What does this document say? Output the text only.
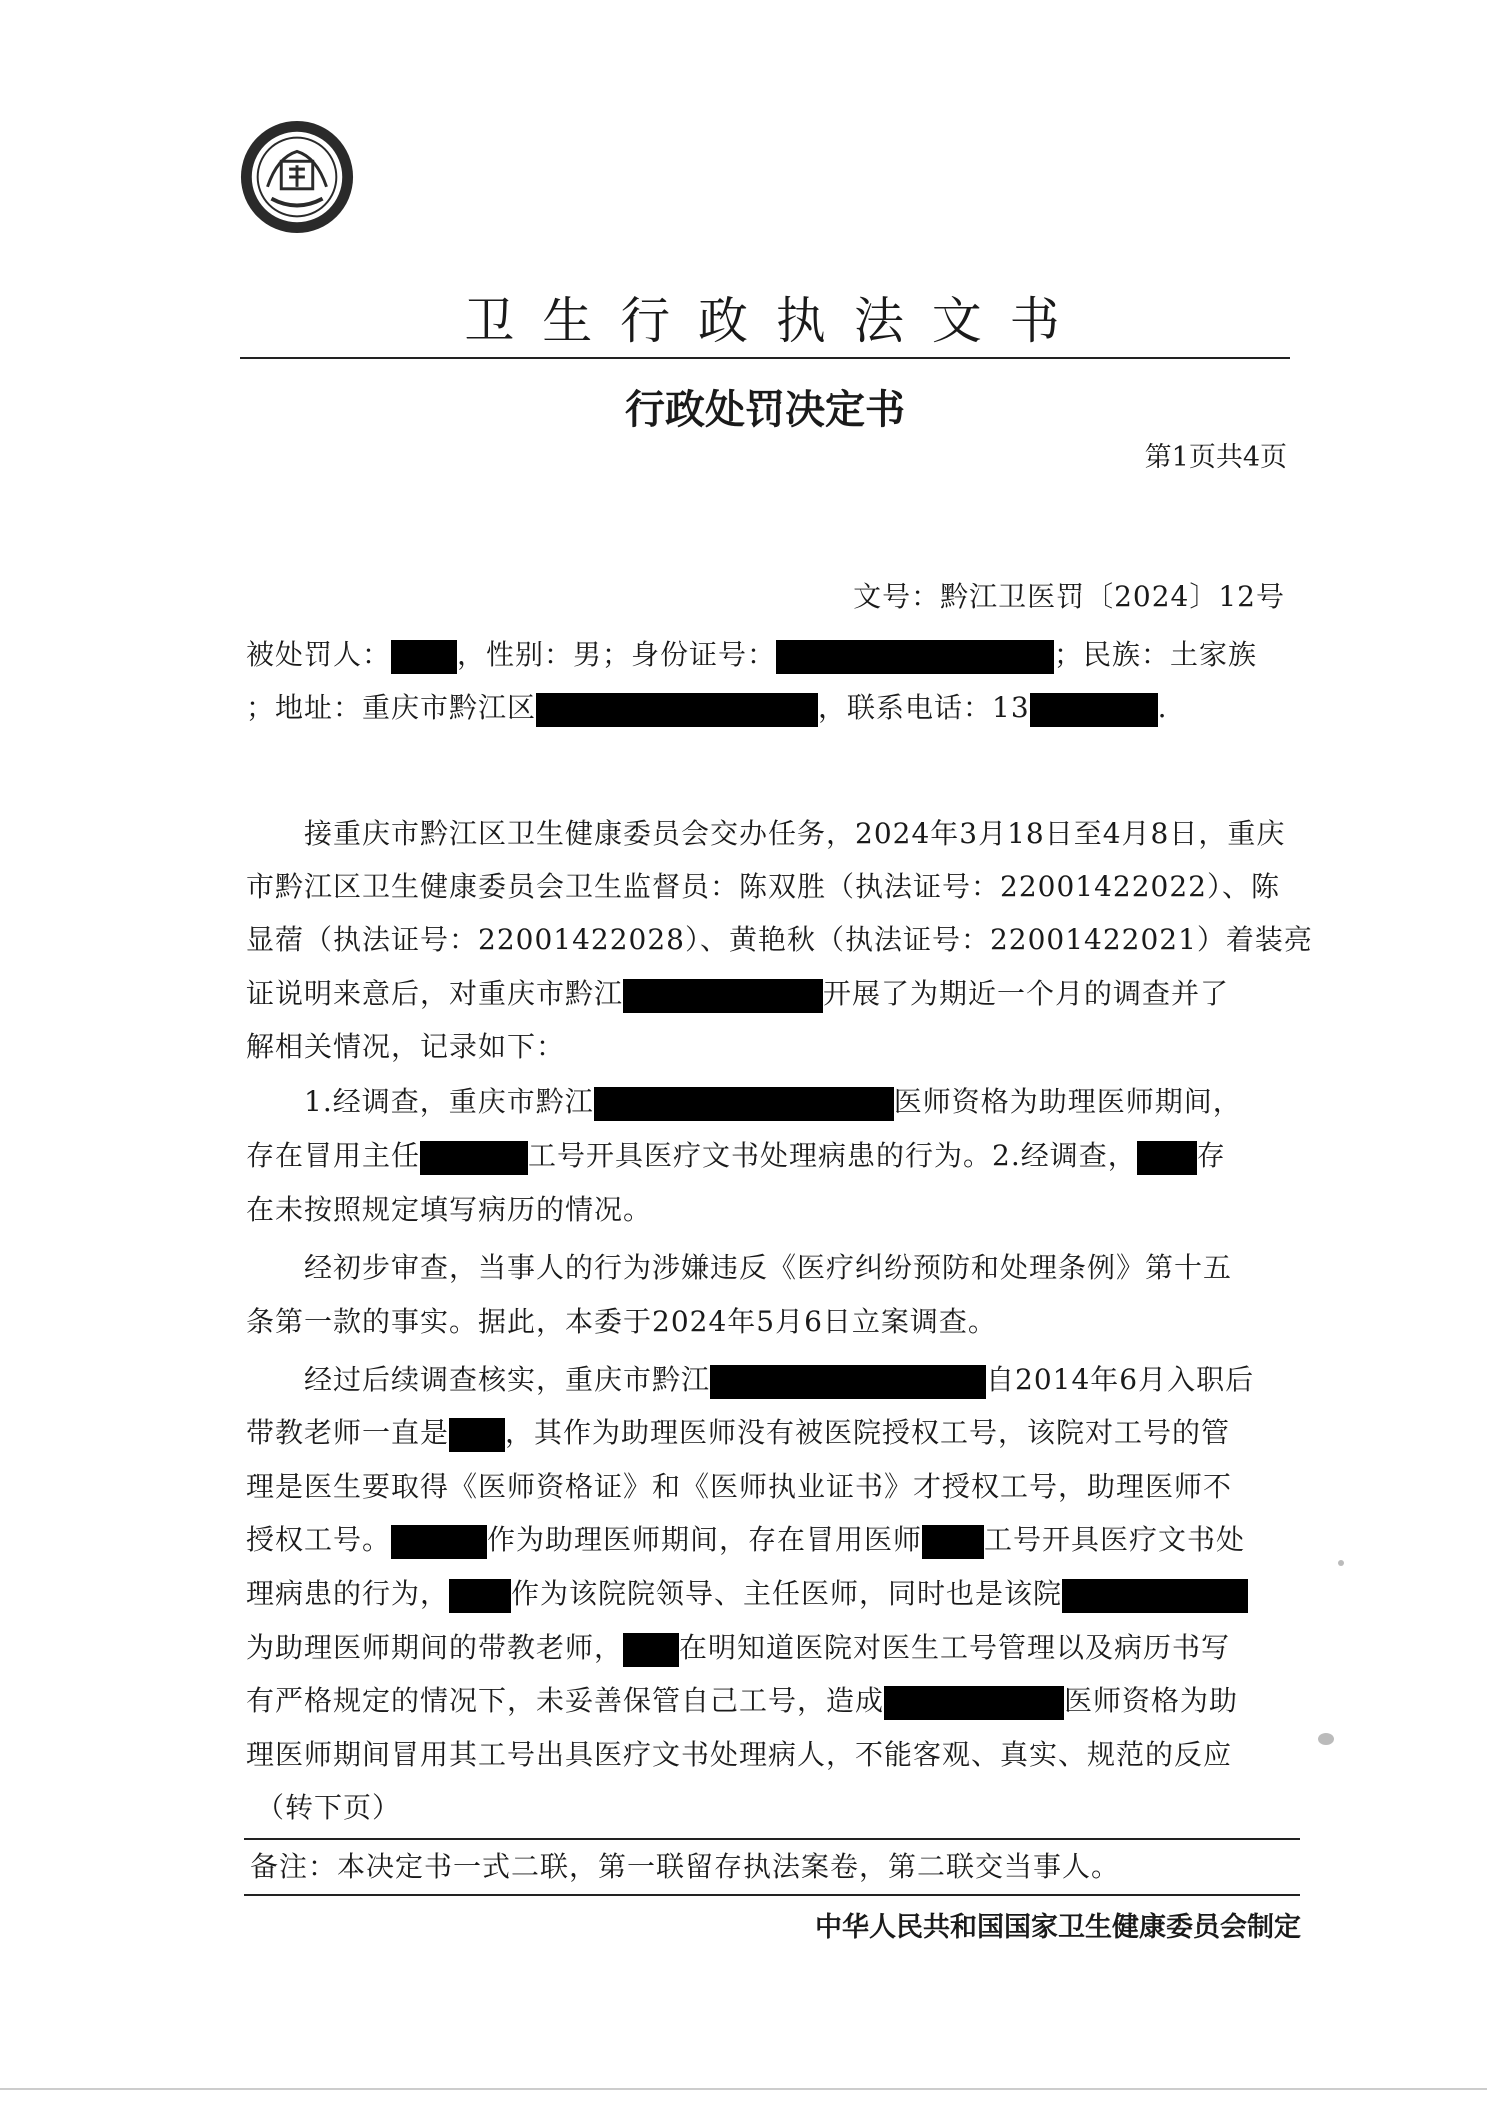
卫 生 行 政 执 法 文 书
行政处罚决定书
第1页共4页
文号：黔江卫医罚〔2024〕12号
被处罚人： ，性别：男；身份证号：	；民族：土家族
；地址：重庆市黔江区	，联系电话：13	.
接重庆市黔江区卫生健康委员会交办任务，2024年3月18日至4月8日，重庆
市黔江区卫生健康委员会卫生监督员：陈双胜（执法证号：22001422022）、陈
显蓿（执法证号：22001422028）、黄艳秋（执法证号：22001422021）着装亮
证说明来意后，对重庆市黔江	开展了为期近一个月的调查并了
解相关情况，记录如下：
1.经调查，重庆市黔江	医师资格为助理医师期间，
存在冒用主任	工号开具医疗文书处理病患的行为。2.经调查， 存
在未按照规定填写病历的情况。
经初步审查，当事人的行为涉嫌违反《医疗纠纷预防和处理条例》第十五
条第一款的事实。据此，本委于2024年5月6日立案调查。
经过后续调查核实，重庆市黔江	自2014年6月入职后
带教老师一直是 ，其作为助理医师没有被医院授权工号，该院对工号的管
理是医生要取得《医师资格证》和《医师执业证书》才授权工号，助理医师不
授权工号。	作为助理医师期间，存在冒用医师 工号开具医疗文书处
理病患的行为， 作为该院院领导、主任医师，同时也是该院
为助理医师期间的带教老师， 在明知道医院对医生工号管理以及病历书写
有严格规定的情况下，未妥善保管自己工号，造成	医师资格为助
理医师期间冒用其工号出具医疗文书处理病人，不能客观、真实、规范的反应
（转下页）
备注：本决定书一式二联，第一联留存执法案卷，第二联交当事人。
中华人民共和国国家卫生健康委员会制定
